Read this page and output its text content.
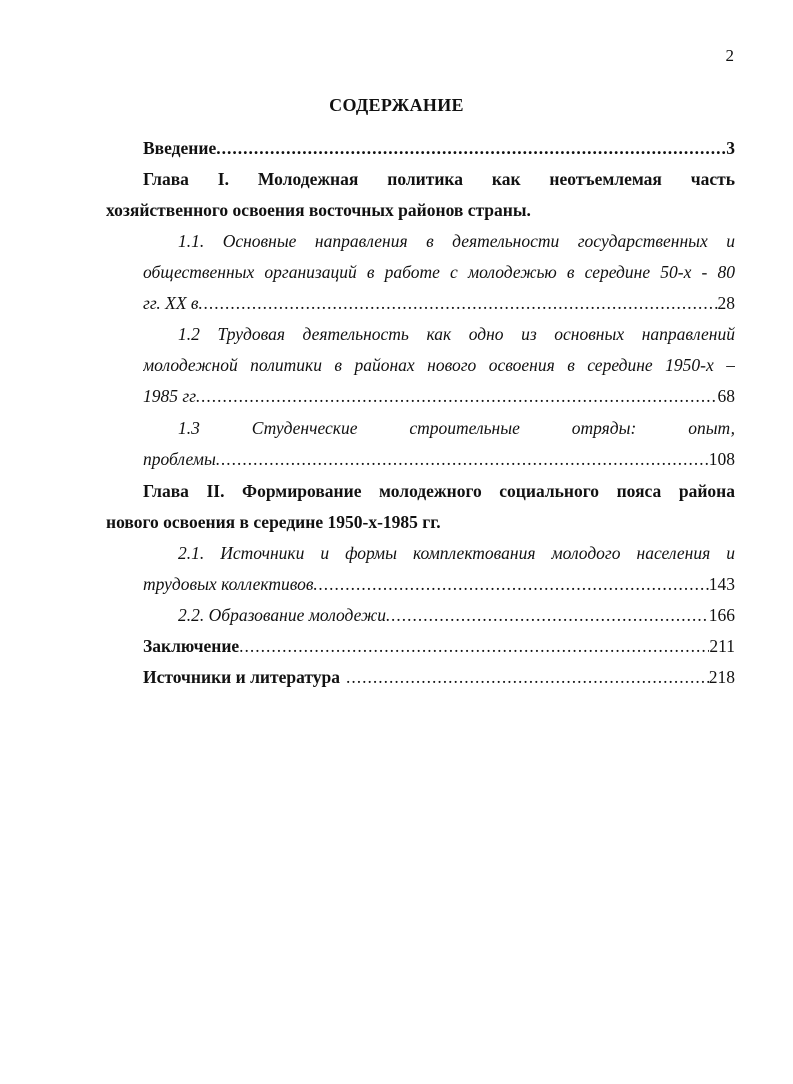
2
СОДЕРЖАНИЕ
Введение .....	3
Глава I. Молодежная политика как неотъемлемая часть
хозяйственного освоения восточных районов страны.
1.1. Основные направления в деятельности государственных и
общественных организаций в работе с молодежью в середине 50-х - 80
гг. XX в .....	28
1.2 Трудовая деятельность как одно из основных направлений
молодежной политики в районах нового освоения в середине 1950-х –
1985 гг .....	68
1.3 Студенческие строительные отряды: опыт,
проблемы .....	108
Глава II. Формирование молодежного социального пояса района
нового освоения в середине 1950-х-1985 гг.
2.1. Источники и формы комплектования молодого населения и
трудовых коллективов .....	143
2.2. Образование молодежи .....	166
Заключение .....	211
Источники и литература .....	218
